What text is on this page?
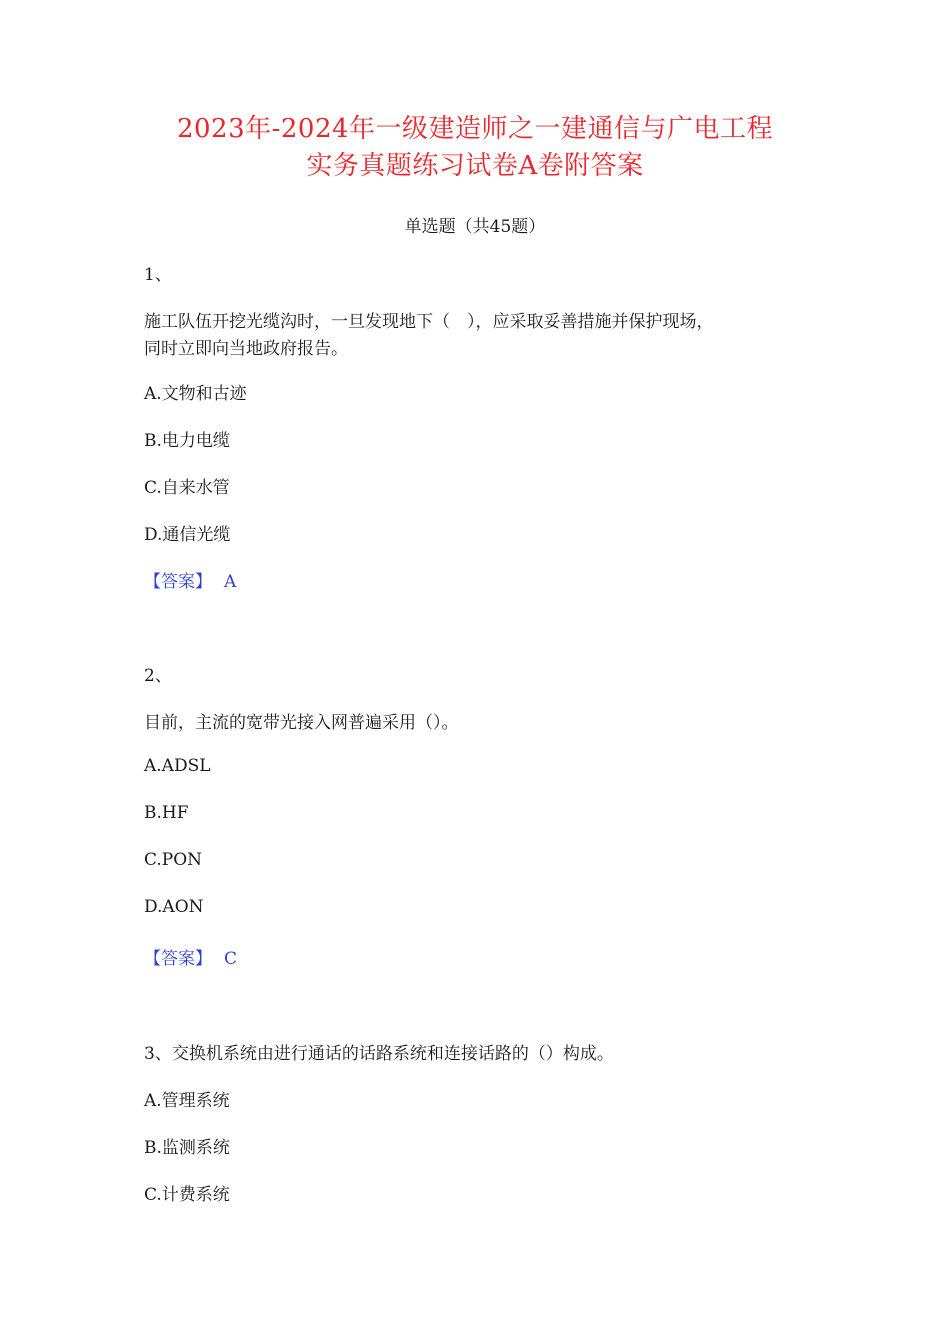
2023年-2024年一级建造师之一建通信与广电工程
实务真题练习试卷A卷附答案
单选题（共45题）
1、
施工队伍开挖光缆沟时，一旦发现地下（　），应采取妥善措施并保护现场，
同时立即向当地政府报告。
A.文物和古迹
B.电力电缆
C.自来水管
D.通信光缆
【答案】 A
2、
目前，主流的宽带光接入网普遍采用（）。
A.ADSL
B.HF
C.PON
D.AON
【答案】 C
3、交换机系统由进行通话的话路系统和连接话路的（）构成。
A.管理系统
B.监测系统
C.计费系统
